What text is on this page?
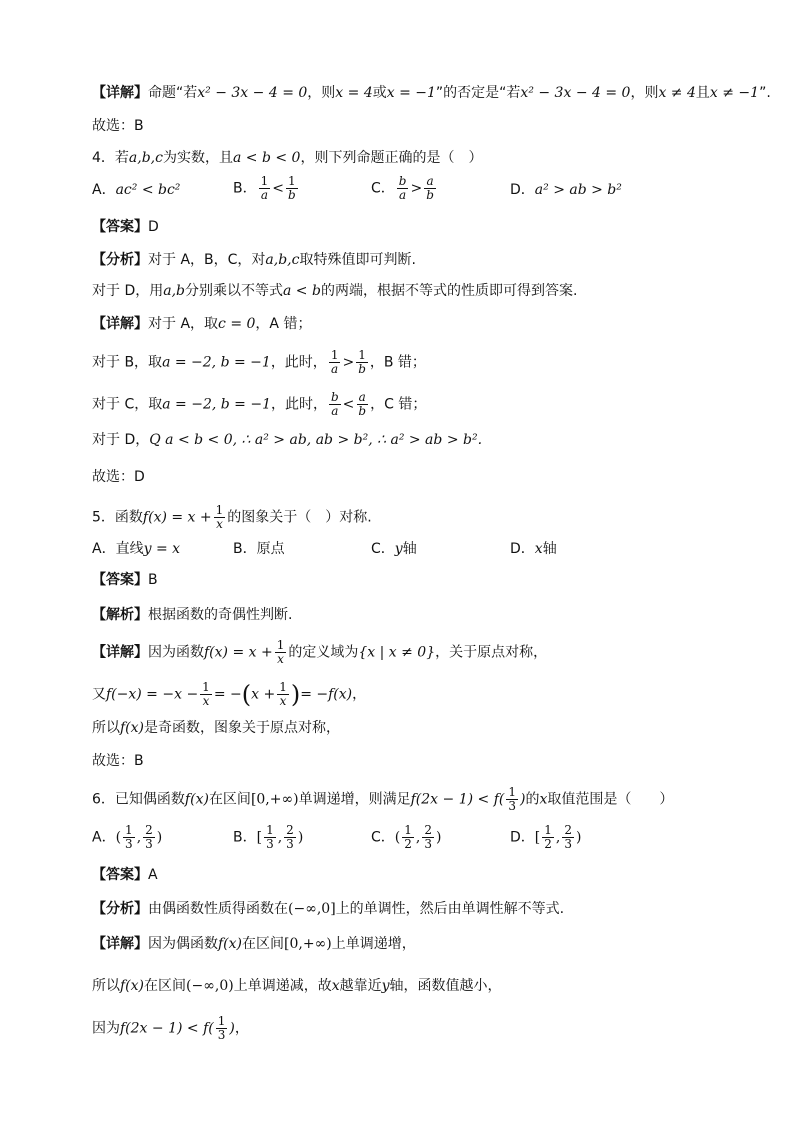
【详解】命题“若x² − 3x − 4 = 0，则x = 4或x = −1”的否定是“若x² − 3x − 4 = 0，则x ≠ 4且x ≠ −1”.
故选：B
4．若a,b,c为实数，且a < b < 0，则下列命题正确的是（　）
A．ac² < bc²	B． $\frac{1}{a} < \frac{1}{b}$	C． $\frac{b}{a} > \frac{a}{b}$	D．a² > ab > b²
【答案】D
【分析】对于 A，B，C，对a,b,c取特殊值即可判断.
对于 D，用a,b分别乘以不等式a < b的两端，根据不等式的性质即可得到答案.
【详解】对于 A，取c = 0，A 错；
对于 B，取a = −2, b = −1，此时， $\frac{1}{a} > \frac{1}{b}$ ，B 错；
对于 C，取a = −2, b = −1，此时， $\frac{b}{a} < \frac{a}{b}$ ，C 错；
对于 D，Q a < b < 0, ∴ a² > ab, ab > b², ∴ a² > ab > b².
故选：D
5．函数$f(x) = x + \frac{1}{x}$ 的图象关于（　）对称.
A．直线y = x	B．原点	C．y轴	D．x轴
【答案】B
【解析】根据函数的奇偶性判断.
【详解】因为函数$f(x) = x + \frac{1}{x}$ 的定义域为{x | x ≠ 0}，关于原点对称，
又$f(-x) = -x - \frac{1}{x} = -(x + \frac{1}{x}$ )= −f(x)，
所以f(x)是奇函数，图象关于原点对称，
故选：B
6．已知偶函数f(x)在区间[0,+∞)单调递增，则满足$f(2x - 1) < f( \frac{1}{3}$ )的x取值范围是（　　）
A．( $\frac{1}{3}$ , $\frac{2}{3}$ )	B．[ $\frac{1}{3}$ , $\frac{2}{3}$ )	C．( $\frac{1}{2}$ , $\frac{2}{3}$ )	D．[ $\frac{1}{2}$ , $\frac{2}{3}$ )
【答案】A
【分析】由偶函数性质得函数在(−∞,0]上的单调性，然后由单调性解不等式.
【详解】因为偶函数f(x)在区间[0,+∞)上单调递增，
所以f(x)在区间(−∞,0)上单调递减，故x越靠近y轴，函数值越小，
因为$f(2x - 1) < f( \frac{1}{3}$ )，
